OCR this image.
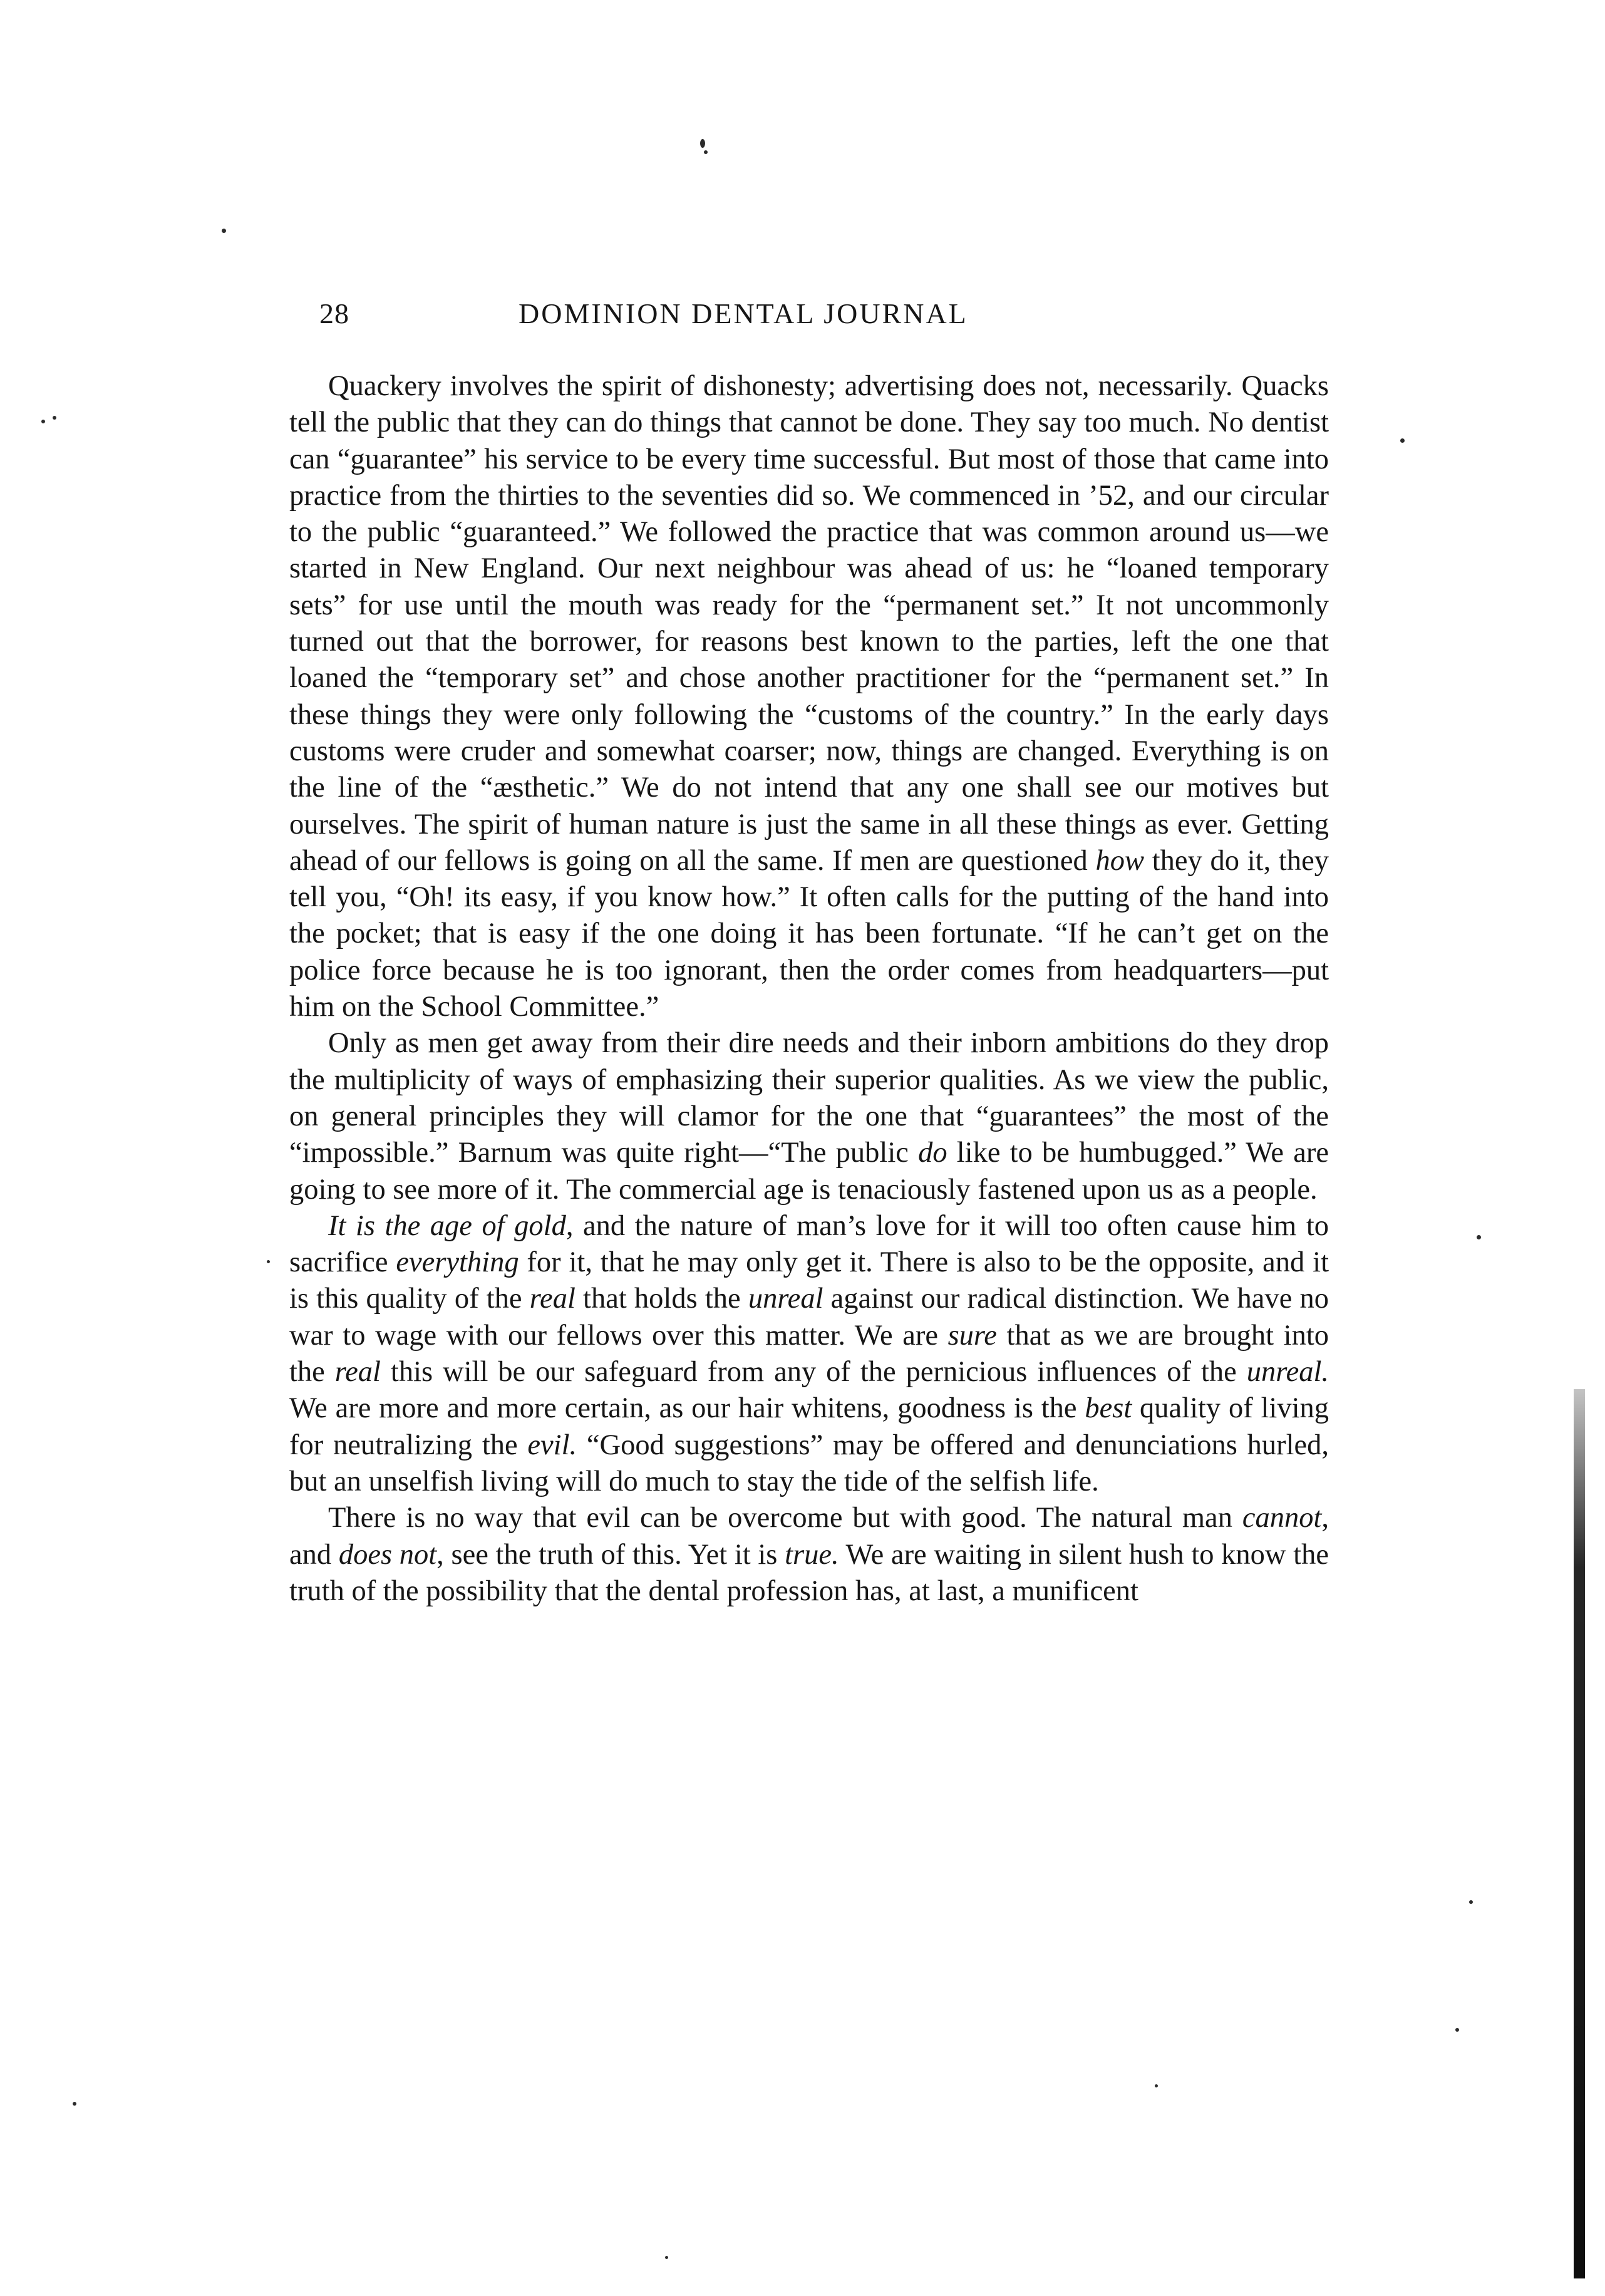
28	DOMINION DENTAL JOURNAL

Quackery involves the spirit of dishonesty; advertising does not, necessarily. Quacks tell the public that they can do things that cannot be done. They say too much. No dentist can “guarantee” his service to be every time successful. But most of those that came into practice from the thirties to the seventies did so. We commenced in ’52, and our circular to the public “guaranteed.” We followed the practice that was common around us—we started in New England. Our next neighbour was ahead of us: he “loaned temporary sets” for use until the mouth was ready for the “permanent set.” It not uncommonly turned out that the borrower, for reasons best known to the parties, left the one that loaned the “temporary set” and chose another practitioner for the “permanent set.” In these things they were only following the “customs of the country.” In the early days customs were cruder and somewhat coarser; now, things are changed. Everything is on the line of the “æsthetic.” We do not intend that any one shall see our motives but ourselves. The spirit of human nature is just the same in all these things as ever. Getting ahead of our fellows is going on all the same. If men are questioned how they do it, they tell you, “Oh! its easy, if you know how.” It often calls for the putting of the hand into the pocket; that is easy if the one doing it has been fortunate. “If he can’t get on the police force because he is too ignorant, then the order comes from headquarters—put him on the School Committee.”

Only as men get away from their dire needs and their inborn ambitions do they drop the multiplicity of ways of emphasizing their superior qualities. As we view the public, on general principles they will clamor for the one that “guarantees” the most of the “impossible.” Barnum was quite right—“The public do like to be humbugged.” We are going to see more of it. The commercial age is tenaciously fastened upon us as a people.

It is the age of gold, and the nature of man’s love for it will too often cause him to sacrifice everything for it, that he may only get it. There is also to be the opposite, and it is this quality of the real that holds the unreal against our radical distinction. We have no war to wage with our fellows over this matter. We are sure that as we are brought into the real this will be our safeguard from any of the pernicious influences of the unreal. We are more and more certain, as our hair whitens, goodness is the best quality of living for neutralizing the evil. “Good suggestions” may be offered and denunciations hurled, but an unselfish living will do much to stay the tide of the selfish life.

There is no way that evil can be overcome but with good. The natural man cannot, and does not, see the truth of this. Yet it is true. We are waiting in silent hush to know the truth of the possibility that the dental profession has, at last, a munificent
